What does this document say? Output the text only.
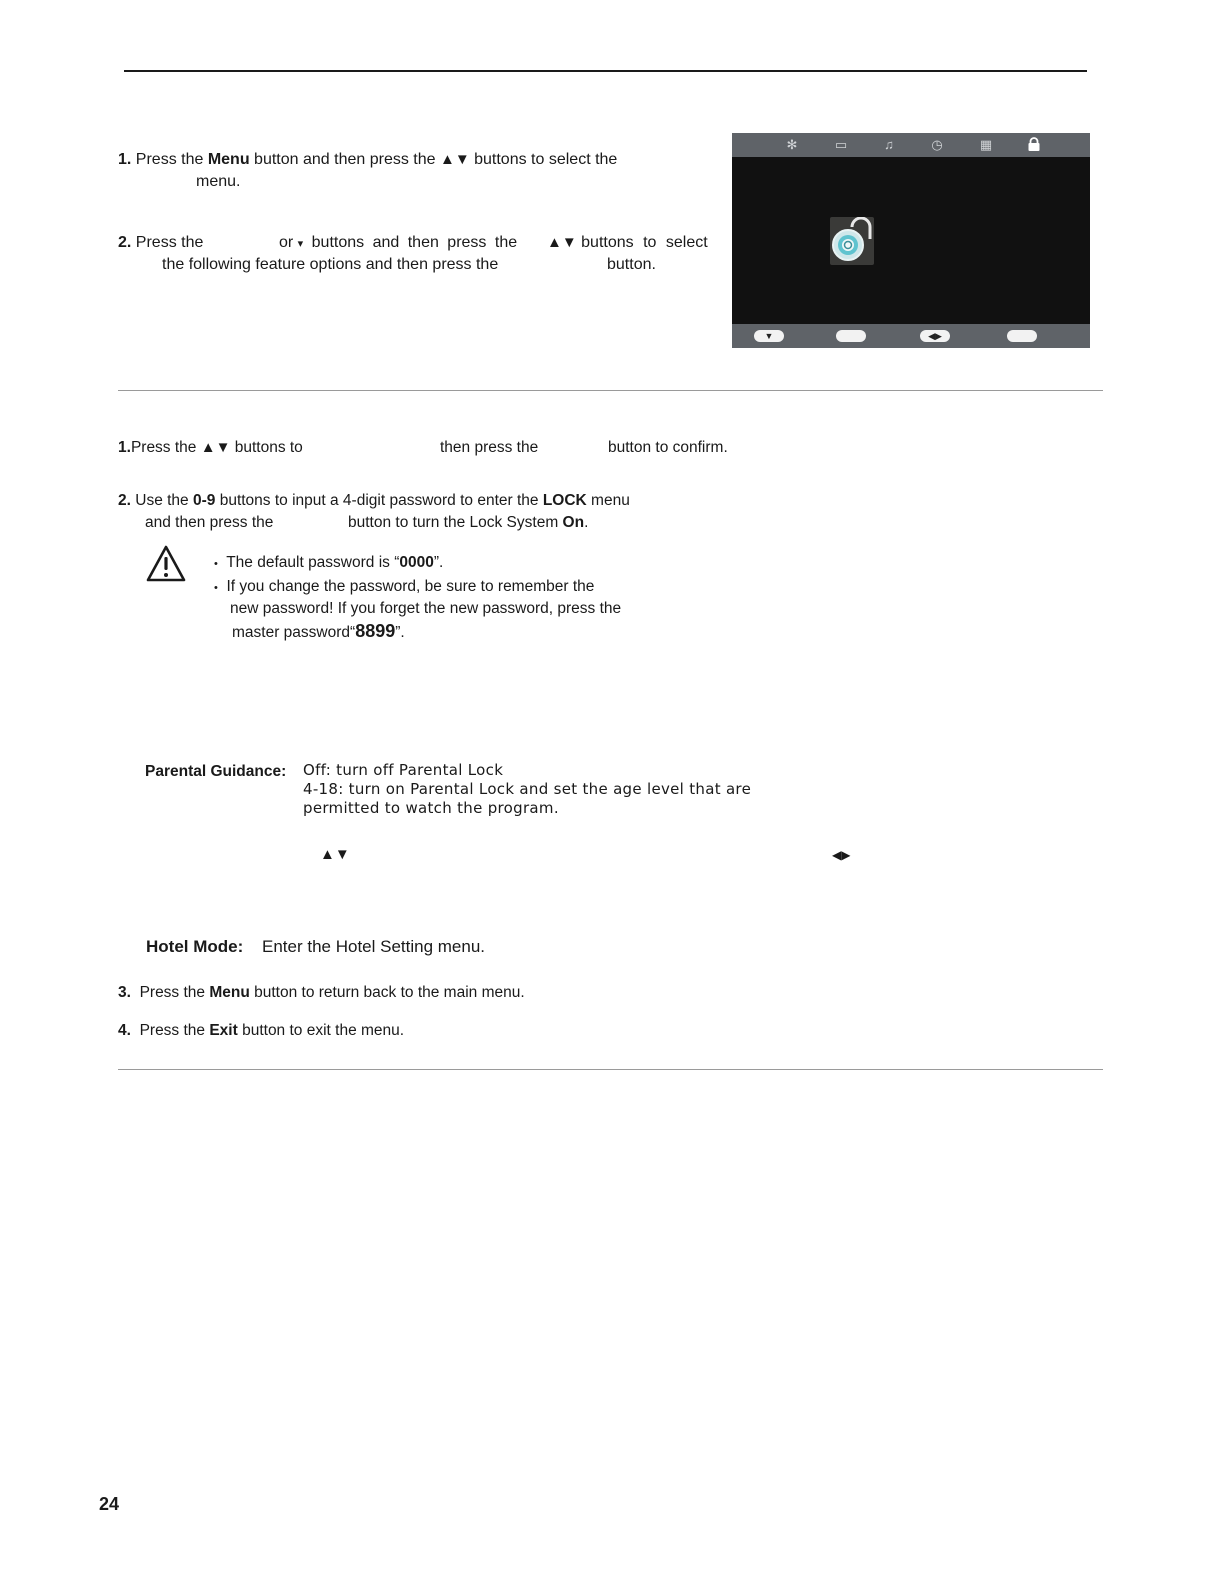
1. Press the Menu button and then press the ▲▼ buttons to select the
menu.
2. Press the	or ▾ buttons and then press the ▲▼ buttons to select
the following feature options and then press the	button.
✻	▭	♫	◷	▦
▼	◀▶
1.Press the ▲▼ buttons to	then press the	button to confirm.
2. Use the 0-9 buttons to input a 4-digit password to enter the LOCK menu
and then press the	button to turn the Lock System On.
• The default password is “0000”.
• If you change the password, be sure to remember the
new password! If you forget the new password, press the
master password“8899”.
Parental Guidance: Off: turn off Parental Lock
4-18: turn on Parental Lock and set the age level that are
permitted to watch the program.
▲▼	◀▶
Hotel Mode: Enter the Hotel Setting menu.
3. Press the Menu button to return back to the main menu.
4. Press the Exit button to exit the menu.
24
